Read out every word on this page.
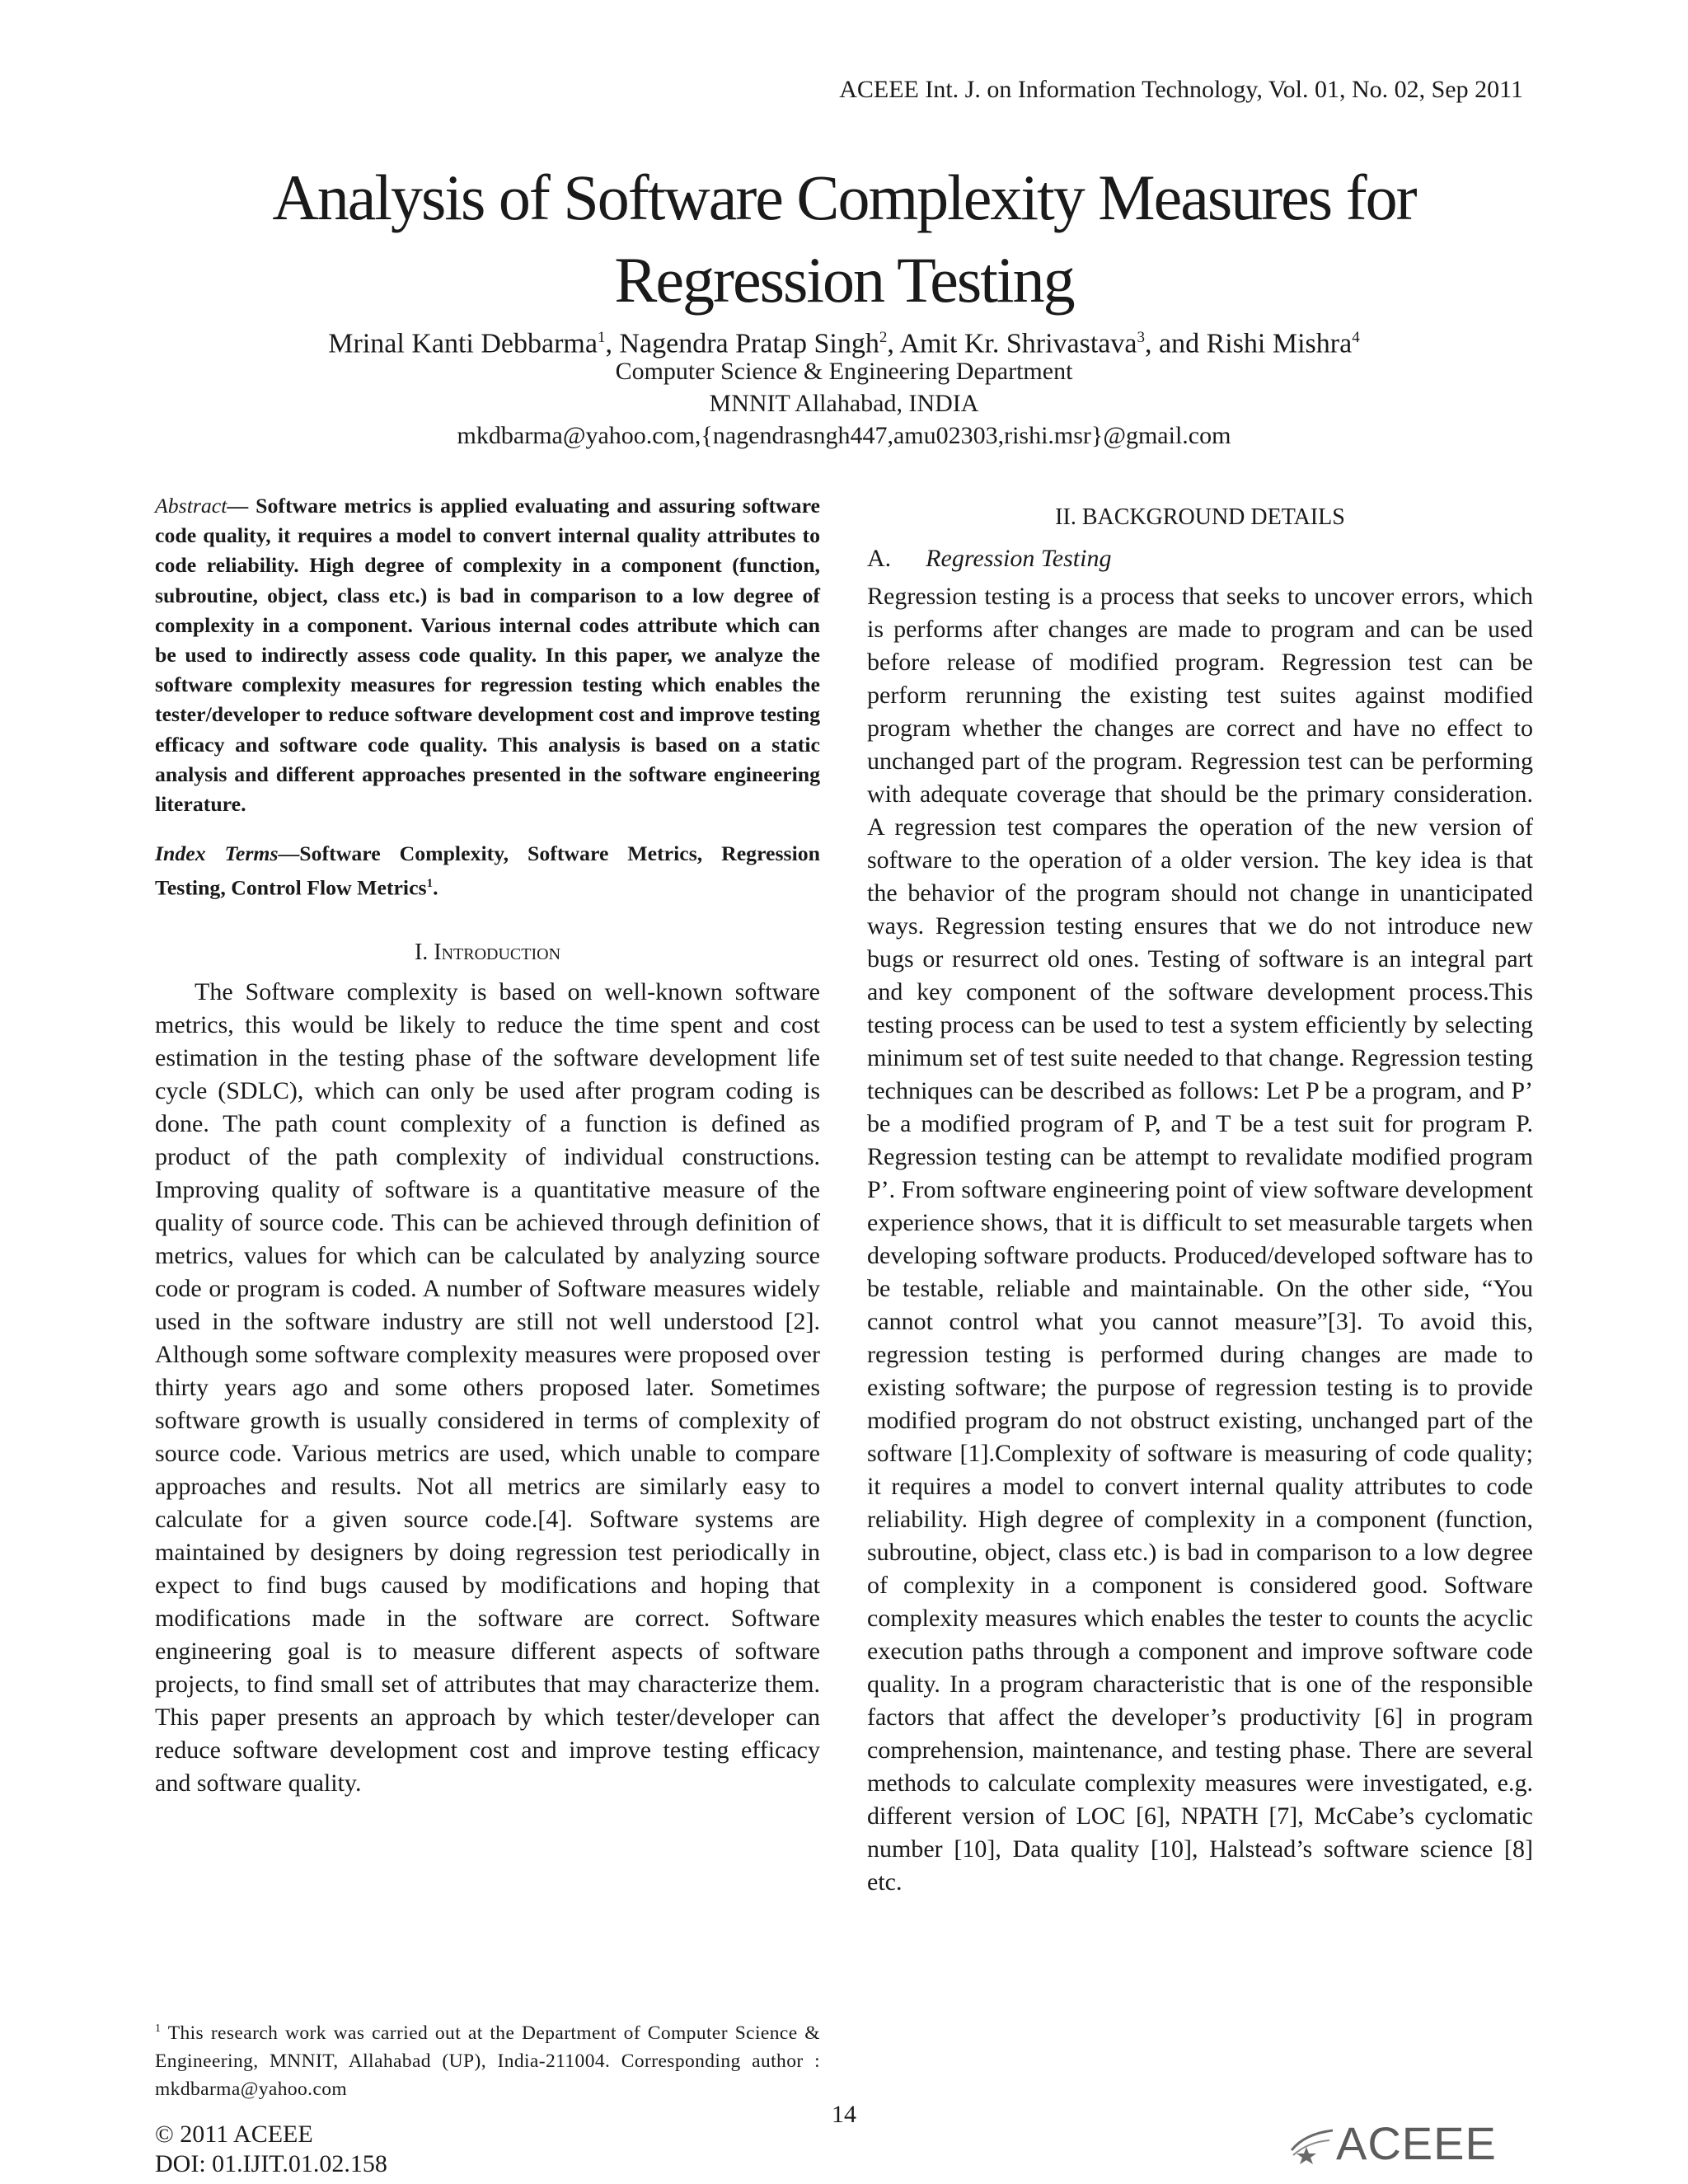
ACEEE Int. J. on Information Technology, Vol. 01, No. 02, Sep 2011
Analysis of Software Complexity Measures for
Regression Testing
Mrinal Kanti Debbarma$^1$, Nagendra Pratap Singh$^2$, Amit Kr. Shrivastava$^3$, and Rishi Mishra$^4$
Computer Science & Engineering Department
MNNIT Allahabad, INDIA
mkdbarma@yahoo.com,{nagendrasngh447,amu02303,rishi.msr}@gmail.com

Abstract— Software metrics is applied evaluating and assuring software code quality, it requires a model to convert internal quality attributes to code reliability. High degree of complexity in a component (function, subroutine, object, class etc.) is bad in comparison to a low degree of complexity in a component. Various internal codes attribute which can be used to indirectly assess code quality. In this paper, we analyze the software complexity measures for regression testing which enables the tester/developer to reduce software development cost and improve testing efficacy and software code quality. This analysis is based on a static analysis and different approaches presented in the software engineering literature.

Index Terms—Software Complexity, Software Metrics, Regression Testing, Control Flow Metrics$^1$.

I. Introduction

The Software complexity is based on well-known software metrics, this would be likely to reduce the time spent and cost estimation in the testing phase of the software development life cycle (SDLC), which can only be used after program coding is done. The path count complexity of a function is defined as product of the path complexity of individual constructions. Improving quality of software is a quantitative measure of the quality of source code. This can be achieved through definition of metrics, values for which can be calculated by analyzing source code or program is coded. A number of Software measures widely used in the software industry are still not well understood [2]. Although some software complexity measures were proposed over thirty years ago and some others proposed later. Sometimes software growth is usually considered in terms of complexity of source code. Various metrics are used, which unable to compare approaches and results. Not all metrics are similarly easy to calculate for a given source code.[4]. Software systems are maintained by designers by doing regression test periodically in expect to find bugs caused by modifications and hoping that modifications made in the software are correct. Software engineering goal is to measure different aspects of software projects, to find small set of attributes that may characterize them. This paper presents an approach by which tester/developer can reduce software development cost and improve testing efficacy and software quality.

II. BACKGROUND DETAILS

A. Regression Testing

Regression testing is a process that seeks to uncover errors, which is performs after changes are made to program and can be used before release of modified program. Regression test can be perform rerunning the existing test suites against modified program whether the changes are correct and have no effect to unchanged part of the program. Regression test can be performing with adequate coverage that should be the primary consideration. A regression test compares the operation of the new version of software to the operation of a older version. The key idea is that the behavior of the program should not change in unanticipated ways. Regression testing ensures that we do not introduce new bugs or resurrect old ones. Testing of software is an integral part and key component of the software development process.This testing process can be used to test a system efficiently by selecting minimum set of test suite needed to that change. Regression testing techniques can be described as follows: Let P be a program, and P’ be a modified program of P, and T be a test suit for program P. Regression testing can be attempt to revalidate modified program P’. From software engineering point of view software development experience shows, that it is difficult to set measurable targets when developing software products. Produced/developed software has to be testable, reliable and maintainable. On the other side, “You cannot control what you cannot measure”[3]. To avoid this, regression testing is performed during changes are made to existing software; the purpose of regression testing is to provide modified program do not obstruct existing, unchanged part of the software [1].Complexity of software is measuring of code quality; it requires a model to convert internal quality attributes to code reliability. High degree of complexity in a component (function, subroutine, object, class etc.) is bad in comparison to a low degree of complexity in a component is considered good. Software complexity measures which enables the tester to counts the acyclic execution paths through a component and improve software code quality. In a program characteristic that is one of the responsible factors that affect the developer’s productivity [6] in program comprehension, maintenance, and testing phase. There are several methods to calculate complexity measures were investigated, e.g. different version of LOC [6], NPATH [7], McCabe’s cyclomatic number [10], Data quality [10], Halstead’s software science [8] etc.

$^1$ This research work was carried out at the Department of Computer Science & Engineering, MNNIT, Allahabad (UP), India-211004. Corresponding author : mkdbarma@yahoo.com
14
© 2011 ACEEE
DOI: 01.IJIT.01.02.158	ACEEE
